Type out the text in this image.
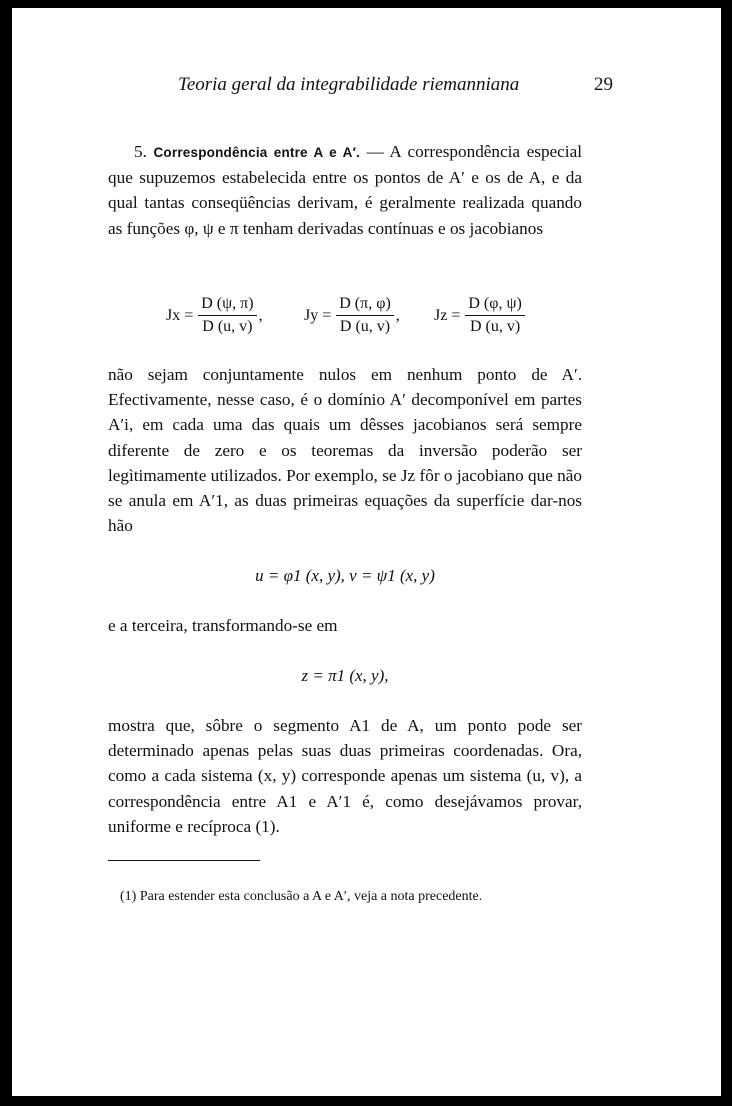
Teoria geral da integrabilidade riemanniana	29
5. Correspondência entre A e A′. — A correspondência especial que supuzemos estabelecida entre os pontos de A′ e os de A, e da qual tantas conseqüências derivam, é geralmente realizada quando as funções φ, ψ e π tenham derivadas contínuas e os jacobianos
$Jx = \frac{D (\psi, \pi)}{D (u, v)}$ ,	$Jy = \frac{D (\pi, \varphi)}{D (u, v)}$ , $Jz = \frac{D (\varphi, \psi)}{D (u, v)}$
não sejam conjuntamente nulos em nenhum ponto de A′. Efectivamente, nesse caso, é o domínio A′ decomponível em partes A′i, em cada uma das quais um dêsses jacobianos será sempre diferente de zero e os teoremas da inversão poderão ser legìtimamente utilizados. Por exemplo, se Jz fôr o jacobiano que não se anula em A′1, as duas primeiras equações da superfície dar-nos hão
u = φ1 (x, y), v = ψ1 (x, y)
e a terceira, transformando-se em
z = π1 (x, y),
mostra que, sôbre o segmento A1 de A, um ponto pode ser determinado apenas pelas suas duas primeiras coordenadas. Ora, como a cada sistema (x, y) corresponde apenas um sistema (u, v), a correspondência entre A1 e A′1 é, como desejávamos provar, uniforme e recíproca (1).
(1) Para estender esta conclusão a A e A′, veja a nota precedente.
